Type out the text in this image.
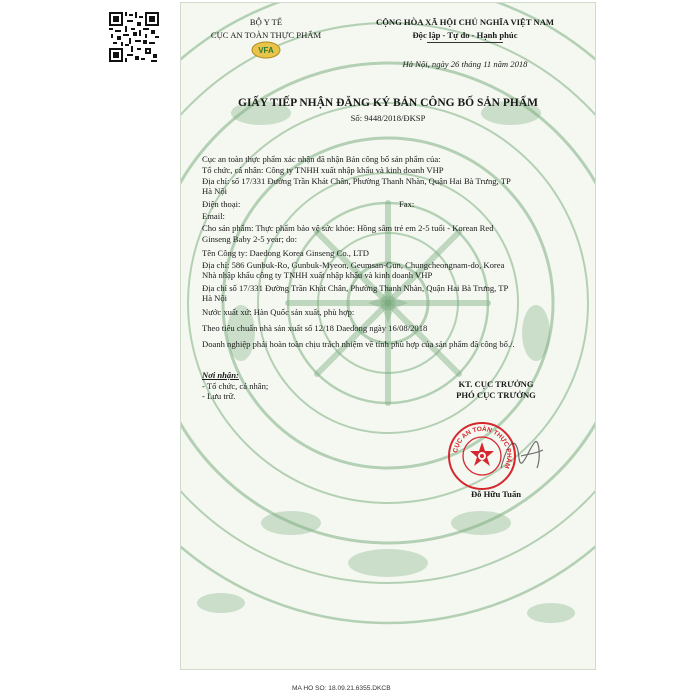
BỘ Y TẾ
CỤC AN TOÀN THỰC PHẨM
VFA
CỘNG HÒA XÃ HỘI CHỦ NGHĨA VIỆT NAM
Độc lập - Tự do - Hạnh phúc
Hà Nội, ngày 26 tháng 11 năm 2018
GIẤY TIẾP NHẬN ĐĂNG KÝ BẢN CÔNG BỐ SẢN PHẨM
Số: 9448/2018/ĐKSP
Cục an toàn thực phẩm xác nhận đã nhận Bản công bố sản phẩm của:
Tổ chức, cá nhân: Công ty TNHH xuất nhập khẩu và kinh doanh VHP
Địa chỉ: số 17/331 Đường Trần Khát Chân, Phường Thanh Nhàn, Quận Hai Bà Trưng, TP
Hà Nội
Điện thoại:	Fax:
Email:
Cho sản phẩm: Thực phẩm bảo vệ sức khỏe: Hồng sâm trẻ em 2-5 tuổi - Korean Red
Ginseng Baby 2-5 year; do:
Tên Công ty: Daedong Korea Ginseng Co., LTD
Địa chỉ: 586 Gunbuk-Ro, Gunbuk-Myeon, Geumsan-Gun, Chungcheongnam-do, Korea
Nhà nhập khẩu công ty TNHH xuất nhập khẩu và kinh doanh VHP
Địa chỉ số 17/331 Đường Trần Khát Chân, Phường Thanh Nhàn, Quận Hai Bà Trưng, TP
Hà Nội
Nước xuất xứ: Hàn Quốc sản xuất, phù hợp:
Theo tiêu chuẩn nhà sản xuất số 12/18 Daedong ngày 16/08/2018
Doanh nghiệp phải hoàn toàn chịu trách nhiệm về tính phù hợp của sản phẩm đã công bố./.
Nơi nhận:
- Tổ chức, cá nhân;
- Lưu trữ.
KT. CỤC TRƯỞNG
PHÓ CỤC TRƯỞNG
CỤC AN TOÀN THỰC PHẨM
Đỗ Hữu Tuấn
MA HO SO: 18.09.21.6355.DKCB
